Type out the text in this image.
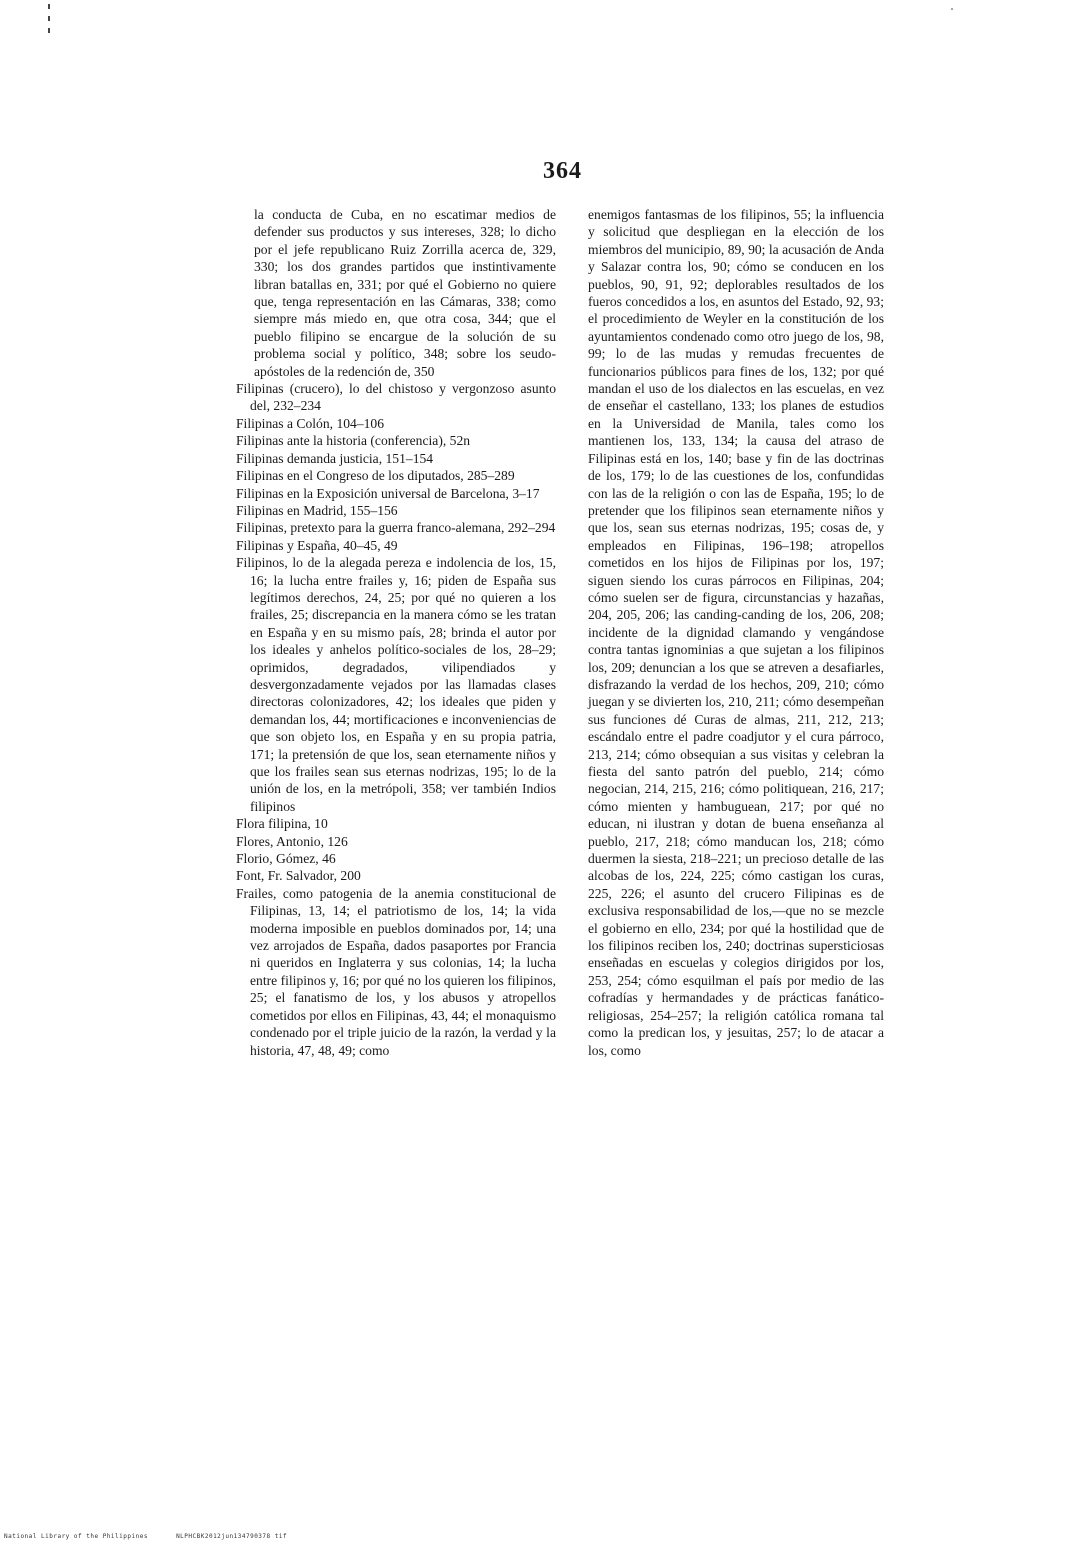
364

la conducta de Cuba, en no escatimar medios de defender sus productos y sus intereses, 328; lo dicho por el jefe republicano Ruiz Zorrilla acerca de, 329, 330; los dos grandes partidos que instintivamente libran batallas en, 331; por qué el Gobierno no quiere que, tenga representación en las Cámaras, 338; como siempre más miedo en, que otra cosa, 344; que el pueblo filipino se encargue de la solución de su problema social y político, 348; sobre los seudo-apóstoles de la redención de, 350

Filipinas (crucero), lo del chistoso y vergonzoso asunto del, 232–234

Filipinas a Colón, 104–106

Filipinas ante la historia (conferencia), 52n

Filipinas demanda justicia, 151–154

Filipinas en el Congreso de los diputados, 285–289

Filipinas en la Exposición universal de Barcelona, 3–17

Filipinas en Madrid, 155–156

Filipinas, pretexto para la guerra franco-alemana, 292–294

Filipinas y España, 40–45, 49

Filipinos, lo de la alegada pereza e indolencia de los, 15, 16; la lucha entre frailes y, 16; piden de España sus legítimos derechos, 24, 25; por qué no quieren a los frailes, 25; discrepancia en la manera cómo se les tratan en España y en su mismo país, 28; brinda el autor por los ideales y anhelos político-sociales de los, 28–29; oprimidos, degradados, vilipendiados y desvergonzadamente vejados por las llamadas clases directoras colonizadores, 42; los ideales que piden y demandan los, 44; mortificaciones e inconveniencias de que son objeto los, en España y en su propia patria, 171; la pretensión de que los, sean eternamente niños y que los frailes sean sus eternas nodrizas, 195; lo de la unión de los, en la metrópoli, 358; ver también Indios filipinos

Flora filipina, 10

Flores, Antonio, 126

Florio, Gómez, 46

Font, Fr. Salvador, 200

Frailes, como patogenia de la anemia constitucional de Filipinas, 13, 14; el patriotismo de los, 14; la vida moderna imposible en pueblos dominados por, 14; una vez arrojados de España, dados pasaportes por Francia ni queridos en Inglaterra y sus colonias, 14; la lucha entre filipinos y, 16; por qué no los quieren los filipinos, 25; el fanatismo de los, y los abusos y atropellos cometidos por ellos en Filipinas, 43, 44; el monaquismo condenado por el triple juicio de la razón, la verdad y la historia, 47, 48, 49; como

enemigos fantasmas de los filipinos, 55; la influencia y solicitud que despliegan en la elección de los miembros del municipio, 89, 90; la acusación de Anda y Salazar contra los, 90; cómo se conducen en los pueblos, 90, 91, 92; deplorables resultados de los fueros concedidos a los, en asuntos del Estado, 92, 93; el procedimiento de Weyler en la constitución de los ayuntamientos condenado como otro juego de los, 98, 99; lo de las mudas y remudas frecuentes de funcionarios públicos para fines de los, 132; por qué mandan el uso de los dialectos en las escuelas, en vez de enseñar el castellano, 133; los planes de estudios en la Universidad de Manila, tales como los mantienen los, 133, 134; la causa del atraso de Filipinas está en los, 140; base y fin de las doctrinas de los, 179; lo de las cuestiones de los, confundidas con las de la religión o con las de España, 195; lo de pretender que los filipinos sean eternamente niños y que los, sean sus eternas nodrizas, 195; cosas de, y empleados en Filipinas, 196–198; atropellos cometidos en los hijos de Filipinas por los, 197; siguen siendo los curas párrocos en Filipinas, 204; cómo suelen ser de figura, circunstancias y hazañas, 204, 205, 206; las canding-canding de los, 206, 208; incidente de la dignidad clamando y vengándose contra tantas ignominias a que sujetan a los filipinos los, 209; denuncian a los que se atreven a desafiarles, disfrazando la verdad de los hechos, 209, 210; cómo juegan y se divierten los, 210, 211; cómo desempeñan sus funciones dé Curas de almas, 211, 212, 213; escándalo entre el padre coadjutor y el cura párroco, 213, 214; cómo obsequian a sus visitas y celebran la fiesta del santo patrón del pueblo, 214; cómo negocian, 214, 215, 216; cómo politiquean, 216, 217; cómo mienten y hambuguean, 217; por qué no educan, ni ilustran y dotan de buena enseñanza al pueblo, 217, 218; cómo manducan los, 218; cómo duermen la siesta, 218–221; un precioso detalle de las alcobas de los, 224, 225; cómo castigan los curas, 225, 226; el asunto del crucero Filipinas es de exclusiva responsabilidad de los,—que no se mezcle el gobierno en ello, 234; por qué la hostilidad que de los filipinos reciben los, 240; doctrinas supersticiosas enseñadas en escuelas y colegios dirigidos por los, 253, 254; cómo esquilman el país por medio de las cofradías y hermandades y de prácticas fanático-religiosas, 254–257; la religión católica romana tal como la predican los, y jesuitas, 257; lo de atacar a los, como

National Library of the Philippines	NLPHCBK2012jun134790378 tif
